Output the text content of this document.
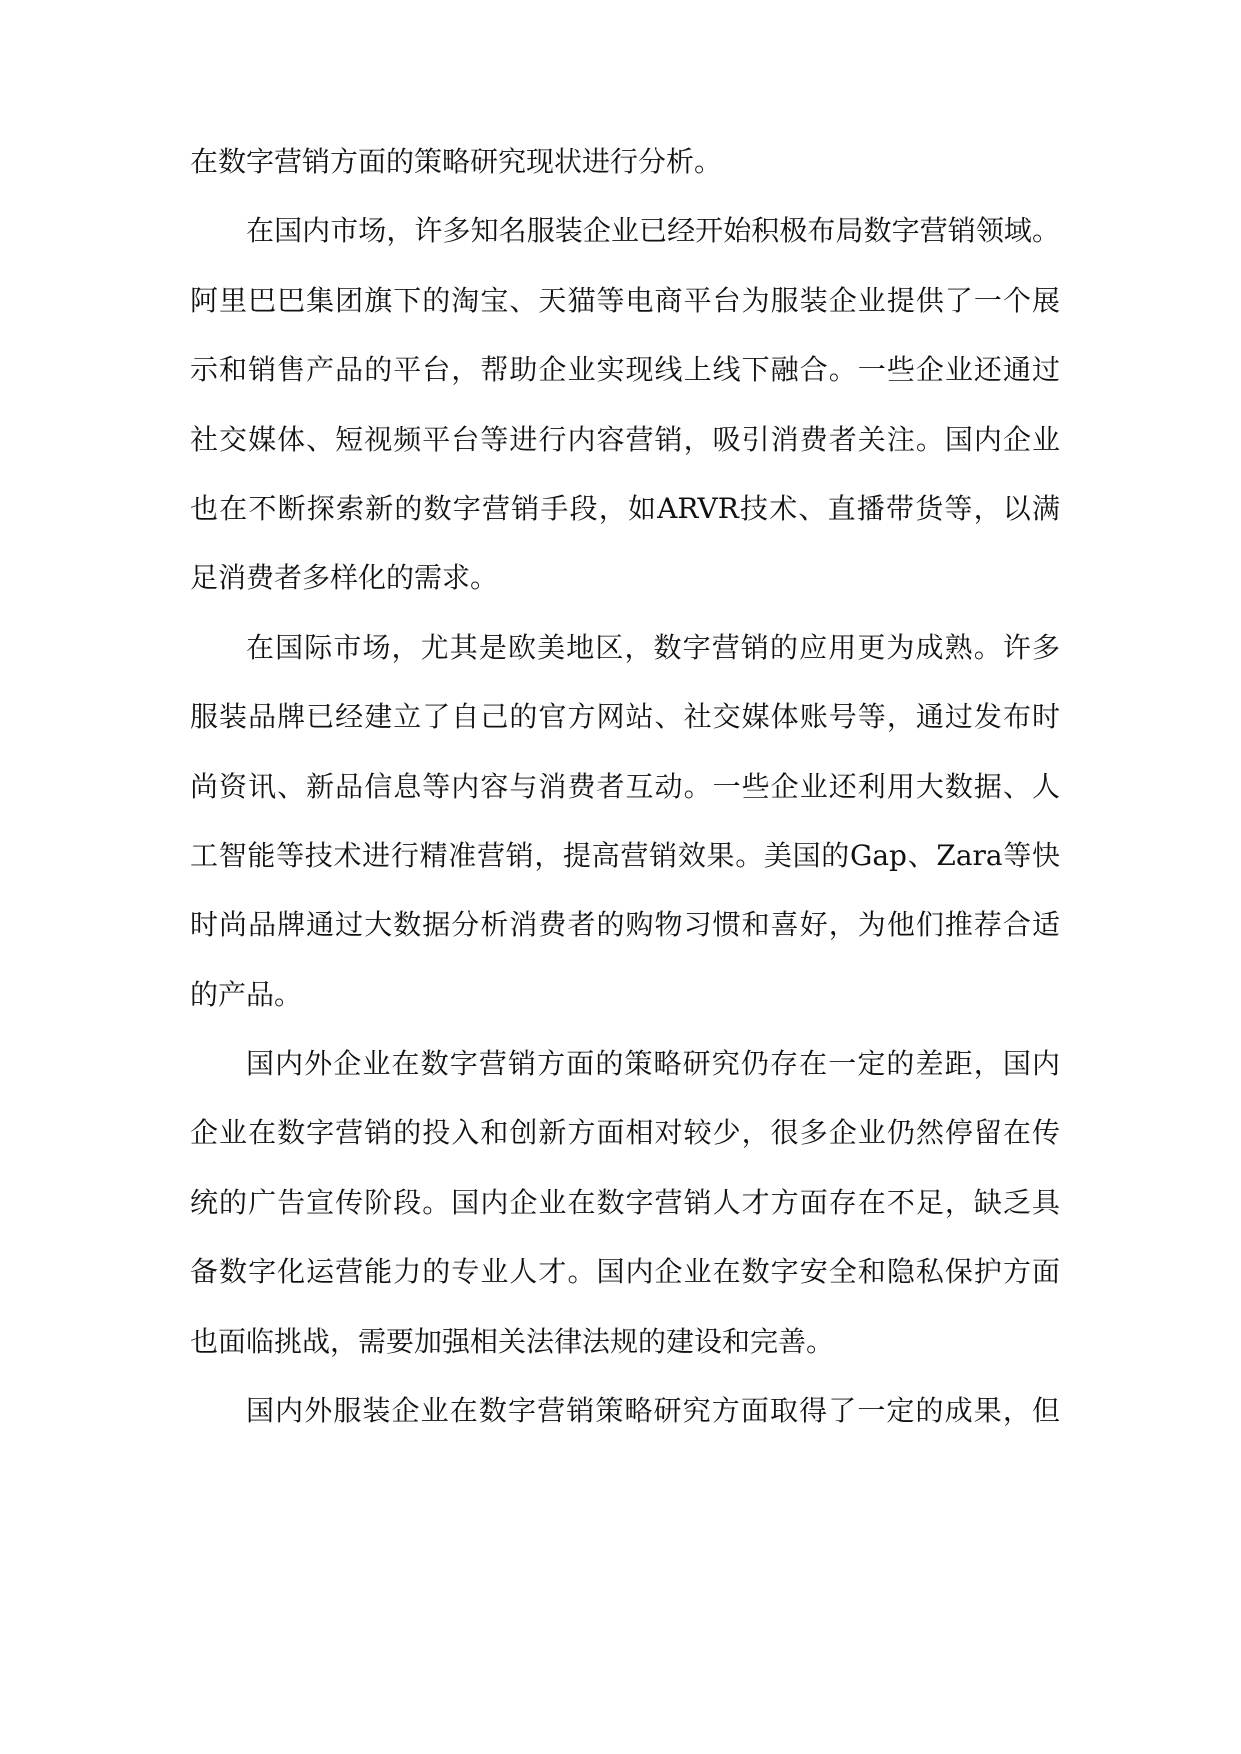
在数字营销方面的策略研究现状进行分析。
在国内市场，许多知名服装企业已经开始积极布局数字营销领域。
阿里巴巴集团旗下的淘宝、天猫等电商平台为服装企业提供了一个展
示和销售产品的平台，帮助企业实现线上线下融合。一些企业还通过
社交媒体、短视频平台等进行内容营销，吸引消费者关注。国内企业
也在不断探索新的数字营销手段，如ARVR技术、直播带货等，以满
足消费者多样化的需求。
在国际市场，尤其是欧美地区，数字营销的应用更为成熟。许多
服装品牌已经建立了自己的官方网站、社交媒体账号等，通过发布时
尚资讯、新品信息等内容与消费者互动。一些企业还利用大数据、人
工智能等技术进行精准营销，提高营销效果。美国的Gap、Zara等快
时尚品牌通过大数据分析消费者的购物习惯和喜好，为他们推荐合适
的产品。
国内外企业在数字营销方面的策略研究仍存在一定的差距，国内
企业在数字营销的投入和创新方面相对较少，很多企业仍然停留在传
统的广告宣传阶段。国内企业在数字营销人才方面存在不足，缺乏具
备数字化运营能力的专业人才。国内企业在数字安全和隐私保护方面
也面临挑战，需要加强相关法律法规的建设和完善。
国内外服装企业在数字营销策略研究方面取得了一定的成果，但
